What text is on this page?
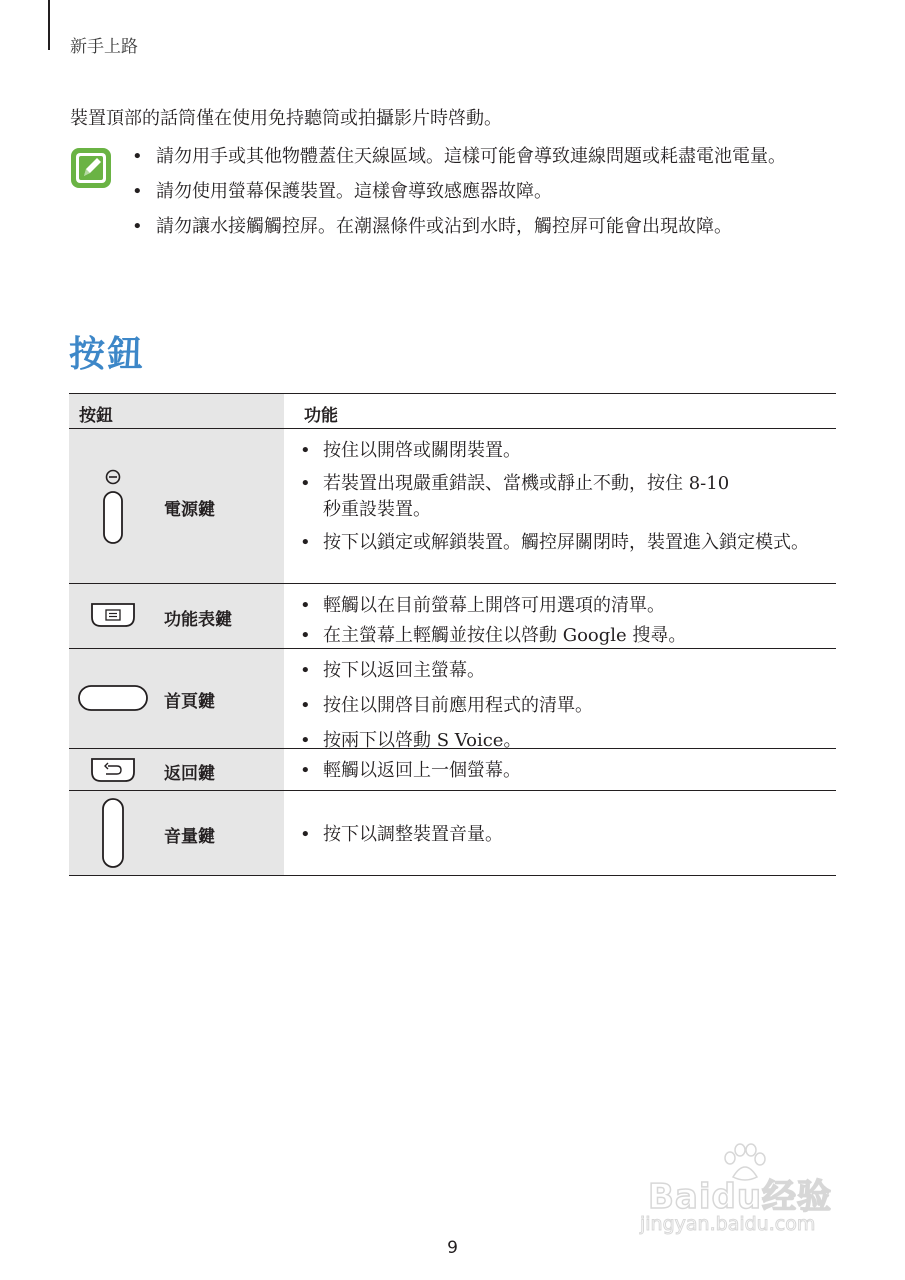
新手上路

裝置頂部的話筒僅在使用免持聽筒或拍攝影片時啓動。

• 請勿用手或其他物體蓋住天線區域。這樣可能會導致連線問題或耗盡電池電量。
• 請勿使用螢幕保護裝置。這樣會導致感應器故障。
• 請勿讓水接觸觸控屏。在潮濕條件或沾到水時，觸控屏可能會出現故障。
按鈕
按鈕	功能
電源鍵
• 按住以開啓或關閉裝置。
• 若裝置出現嚴重錯誤、當機或靜止不動，按住 8-10 秒重設裝置。
• 按下以鎖定或解鎖裝置。觸控屏關閉時，裝置進入鎖定模式。
功能表鍵
• 輕觸以在目前螢幕上開啓可用選項的清單。
• 在主螢幕上輕觸並按住以啓動 Google 搜尋。
首頁鍵
• 按下以返回主螢幕。
• 按住以開啓目前應用程式的清單。
• 按兩下以啓動 S Voice。
返回鍵	• 輕觸以返回上一個螢幕。
音量鍵	• 按下以調整裝置音量。
9
Baidu经验
jingyan.baidu.com
